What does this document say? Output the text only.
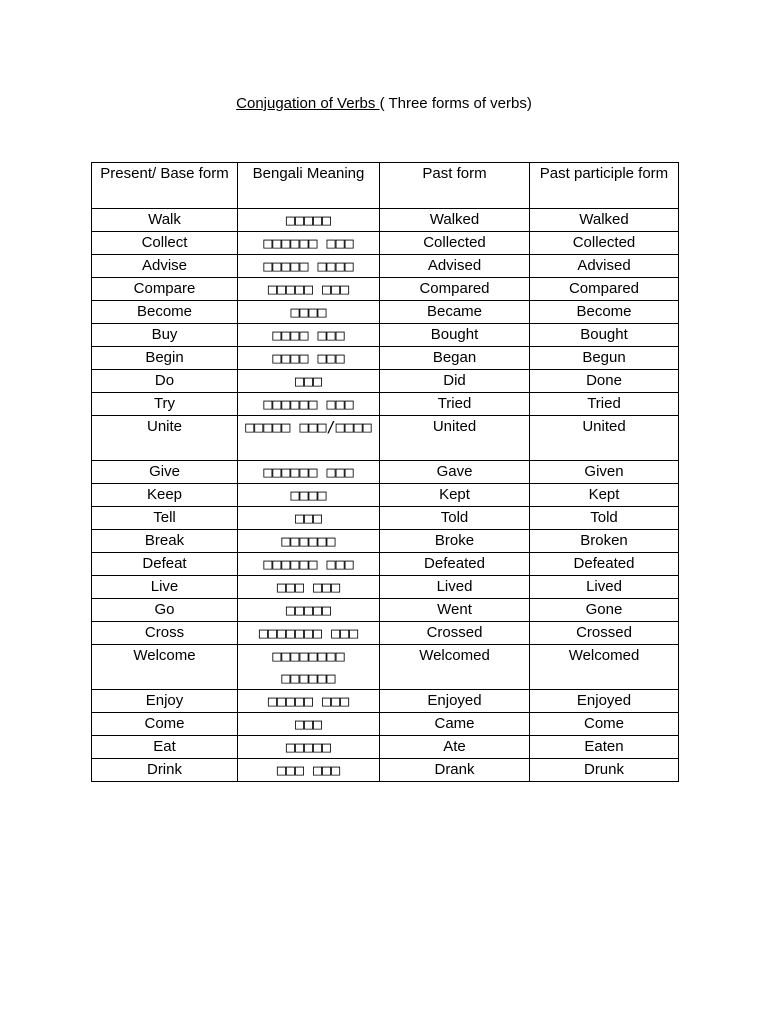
Conjugation of Verbs ( Three forms of verbs)
Present/ Base form	Bengali Meaning	Past form	Past participle form
Walk	□□□□□	Walked	Walked
Collect	□□□□□□ □□□	Collected	Collected
Advise	□□□□□ □□□□	Advised	Advised
Compare	□□□□□ □□□	Compared	Compared
Become	□□□□	Became	Become
Buy	□□□□ □□□	Bought	Bought
Begin	□□□□ □□□	Began	Begun
Do	□□□	Did	Done
Try	□□□□□□ □□□	Tried	Tried
Unite	□□□□□ □□□/□□□□	United	United
Give	□□□□□□ □□□	Gave	Given
Keep	□□□□	Kept	Kept
Tell	□□□	Told	Told
Break	□□□□□□	Broke	Broken
Defeat	□□□□□□ □□□	Defeated	Defeated
Live	□□□ □□□	Lived	Lived
Go	□□□□□	Went	Gone
Cross	□□□□□□□ □□□	Crossed	Crossed
Welcome	□□□□□□□□ □□□□□□	Welcomed	Welcomed
Enjoy	□□□□□ □□□	Enjoyed	Enjoyed
Come	□□□	Came	Come
Eat	□□□□□	Ate	Eaten
Drink	□□□ □□□	Drank	Drunk
